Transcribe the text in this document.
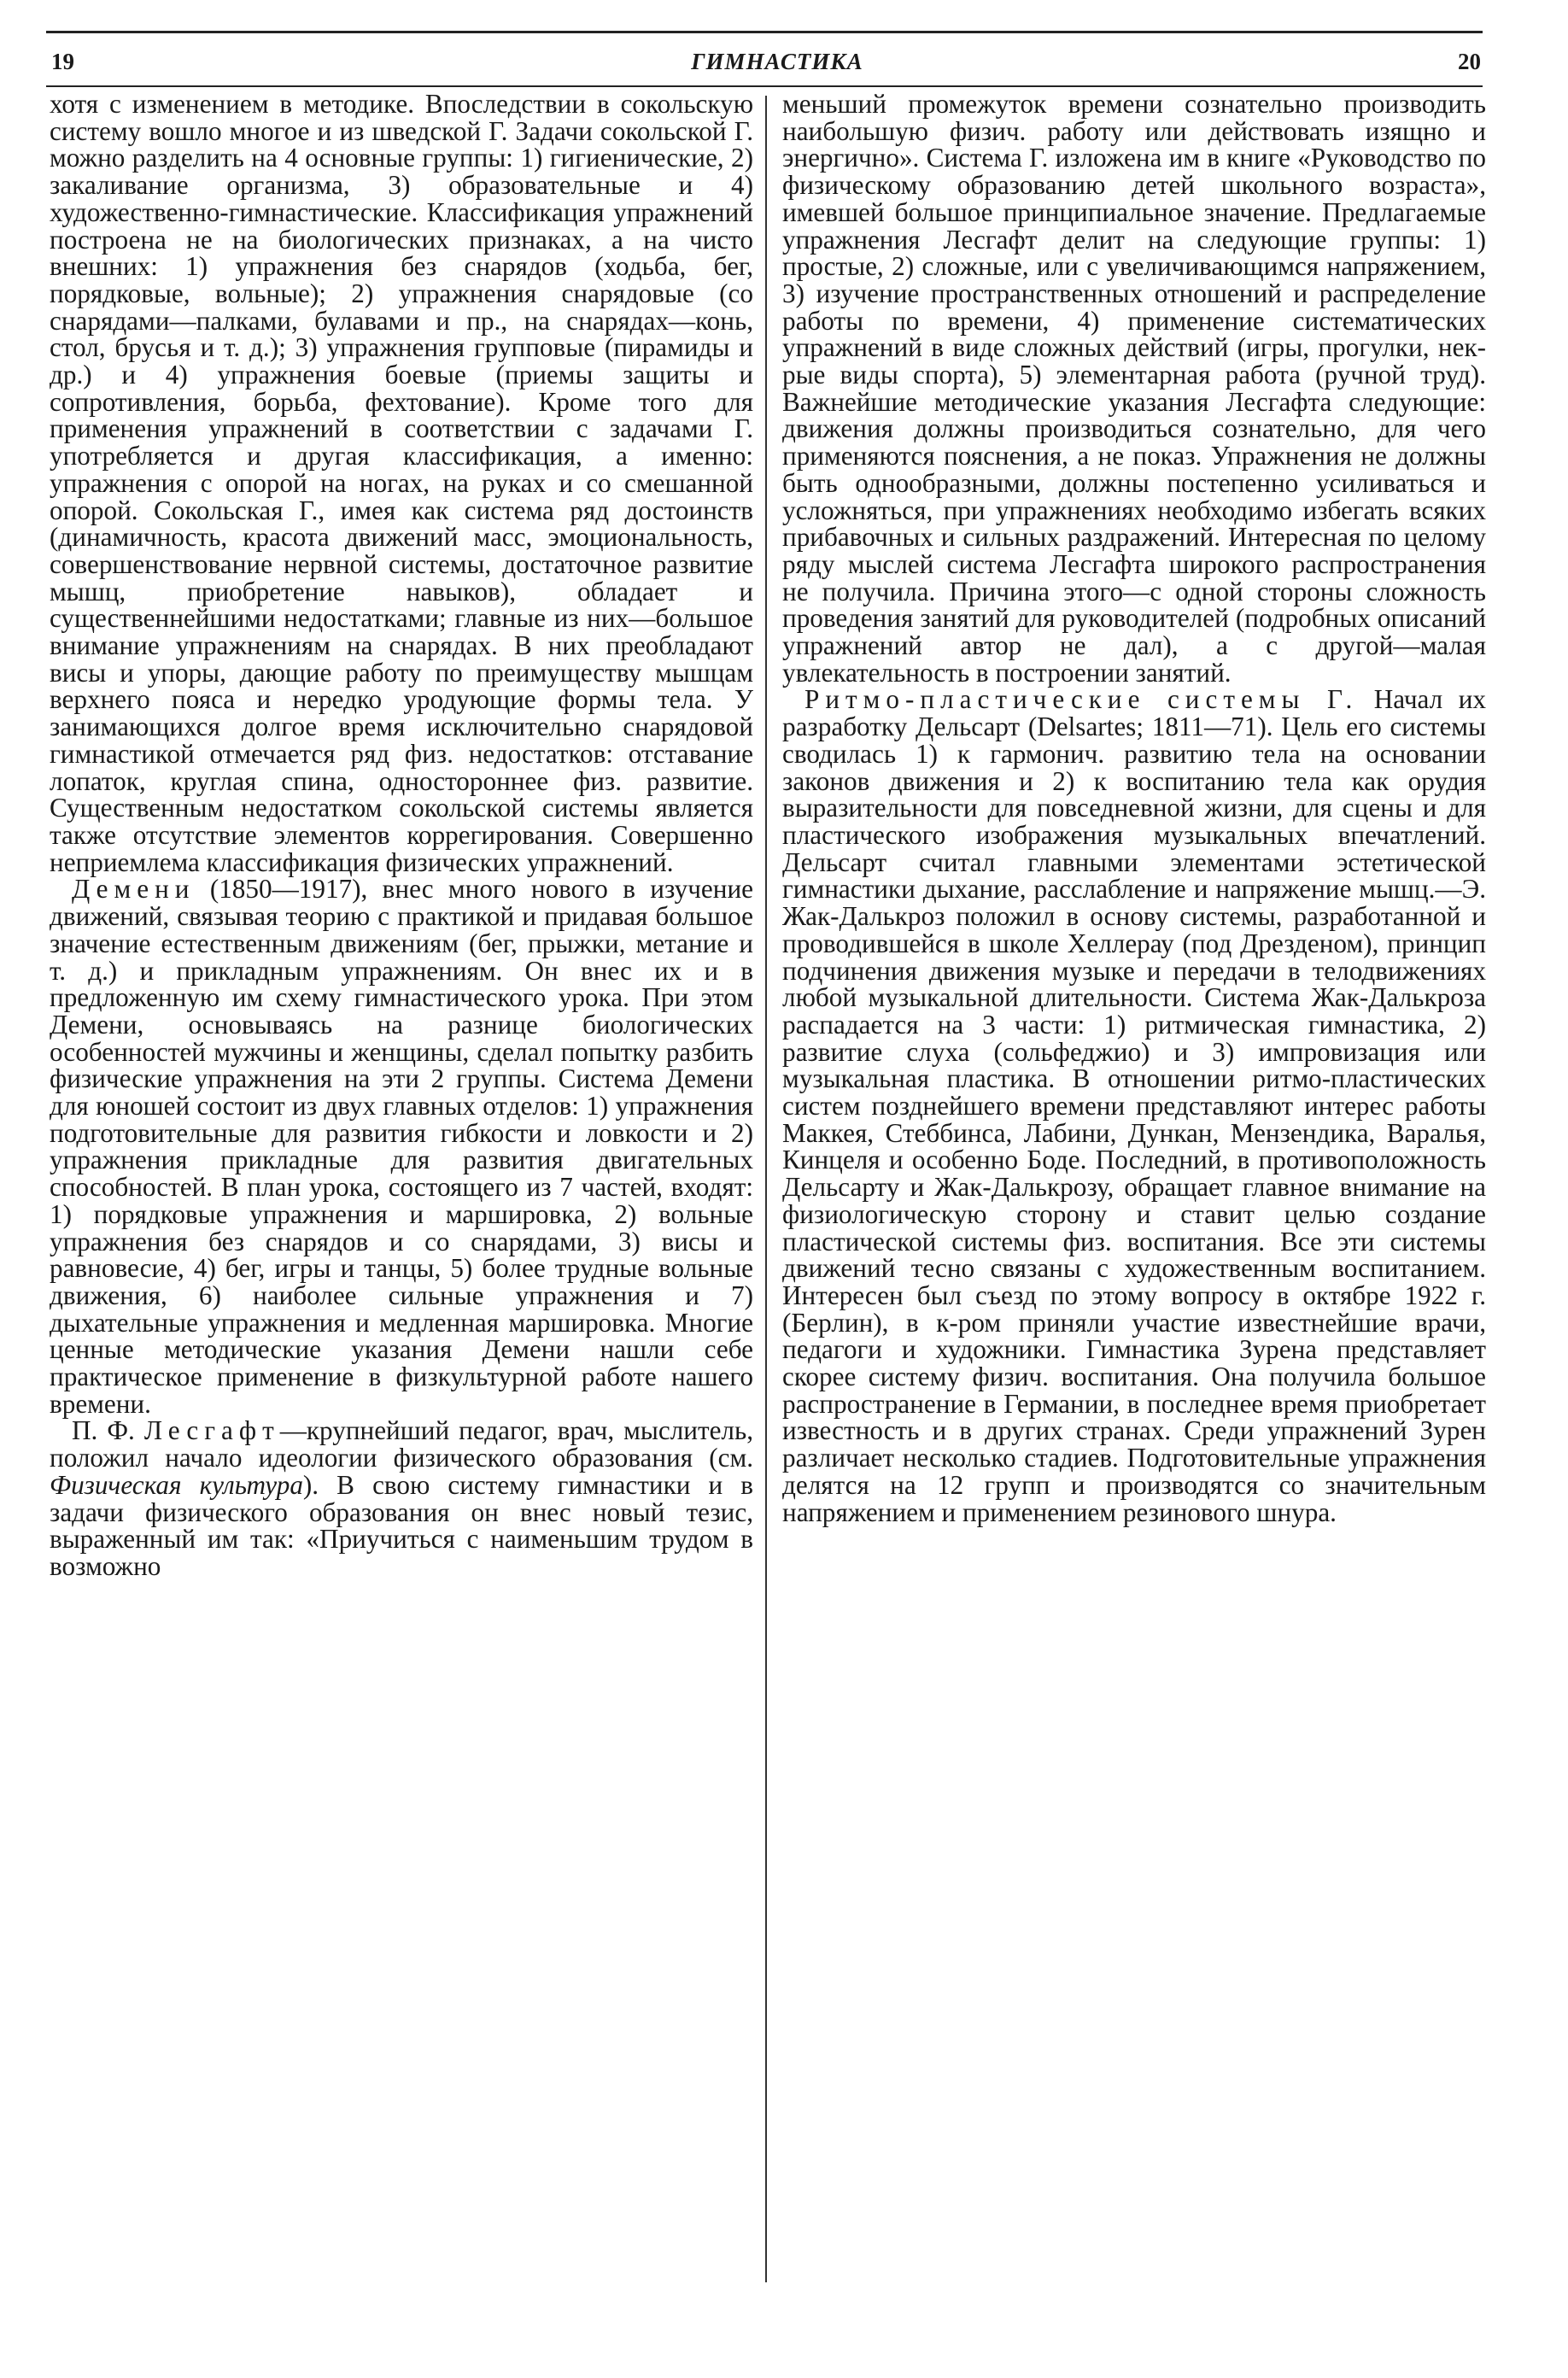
19	ГИМНАСТИКА	20

хотя с изменением в методике. Впоследствии в сокольскую систему вошло многое и из шведской Г. Задачи сокольской Г. можно разделить на 4 основные группы: 1) гигиенические, 2) закаливание организма, 3) образовательные и 4) художественно-гимнастические. Классификация упражнений построена не на биологических признаках, а на чисто внешних: 1) упражнения без снарядов (ходьба, бег, порядковые, вольные); 2) упражнения снарядовые (со снарядами—палками, булавами и пр., на снарядах—конь, стол, брусья и т. д.); 3) упражнения групповые (пирамиды и др.) и 4) упражнения боевые (приемы защиты и сопротивления, борьба, фехтование). Кроме того для применения упражнений в соответствии с задачами Г. употребляется и другая классификация, а именно: упражнения с опорой на ногах, на руках и со смешанной опорой. Сокольская Г., имея как система ряд достоинств (динамичность, красота движений масс, эмоциональность, совершенствование нервной системы, достаточное развитие мышц, приобретение навыков), обладает и существеннейшими недостатками; главные из них—большое внимание упражнениям на снарядах. В них преобладают висы и упоры, дающие работу по преимуществу мышцам верхнего пояса и нередко уродующие формы тела. У занимающихся долгое время исключительно снарядовой гимнастикой отмечается ряд физ. недостатков: отставание лопаток, круглая спина, одностороннее физ. развитие. Существенным недостатком сокольской системы является также отсутствие элементов коррегирования. Совершенно неприемлема классификация физических упражнений.

Демени (1850—1917), внес много нового в изучение движений, связывая теорию с практикой и придавая большое значение естественным движениям (бег, прыжки, метание и т. д.) и прикладным упражнениям. Он внес их и в предложенную им схему гимнастического урока. При этом Демени, основываясь на разнице биологических особенностей мужчины и женщины, сделал попытку разбить физические упражнения на эти 2 группы. Система Демени для юношей состоит из двух главных отделов: 1) упражнения подготовительные для развития гибкости и ловкости и 2) упражнения прикладные для развития двигательных способностей. В план урока, состоящего из 7 частей, входят: 1) порядковые упражнения и маршировка, 2) вольные упражнения без снарядов и со снарядами, 3) висы и равновесие, 4) бег, игры и танцы, 5) более трудные вольные движения, 6) наиболее сильные упражнения и 7) дыхательные упражнения и медленная маршировка. Многие ценные методические указания Демени нашли себе практическое применение в физкультурной работе нашего времени.

П. Ф. Лесгафт—крупнейший педагог, врач, мыслитель, положил начало идеологии физического образования (см. Физическая культура). В свою систему гимнастики и в задачи физического образования он внес новый тезис, выраженный им так: «Приучиться с наименьшим трудом в возможно

меньший промежуток времени сознательно производить наибольшую физич. работу или действовать изящно и энергично». Система Г. изложена им в книге «Руководство по физическому образованию детей школьного возраста», имевшей большое принципиальное значение. Предлагаемые упражнения Лесгафт делит на следующие группы: 1) простые, 2) сложные, или с увеличивающимся напряжением, 3) изучение пространственных отношений и распределение работы по времени, 4) применение систематических упражнений в виде сложных действий (игры, прогулки, нек-рые виды спорта), 5) элементарная работа (ручной труд). Важнейшие методические указания Лесгафта следующие: движения должны производиться сознательно, для чего применяются пояснения, а не показ. Упражнения не должны быть однообразными, должны постепенно усиливаться и усложняться, при упражнениях необходимо избегать всяких прибавочных и сильных раздражений. Интересная по целому ряду мыслей система Лесгафта широкого распространения не получила. Причина этого—с одной стороны сложность проведения занятий для руководителей (подробных описаний упражнений автор не дал), а с другой—малая увлекательность в построении занятий.

Ритмо-пластические системы Г. Начал их разработку Дельсарт (Delsartes; 1811—71). Цель его системы сводилась 1) к гармонич. развитию тела на основании законов движения и 2) к воспитанию тела как орудия выразительности для повседневной жизни, для сцены и для пластического изображения музыкальных впечатлений. Дельсарт считал главными элементами эстетической гимнастики дыхание, расслабление и напряжение мышц.—Э. Жак-Далькроз положил в основу системы, разработанной и проводившейся в школе Хеллерау (под Дрезденом), принцип подчинения движения музыке и передачи в телодвижениях любой музыкальной длительности. Система Жак-Далькроза распадается на 3 части: 1) ритмическая гимнастика, 2) развитие слуха (сольфеджио) и 3) импровизация или музыкальная пластика. В отношении ритмо-пластических систем позднейшего времени представляют интерес работы Маккея, Стеббинса, Лабини, Дункан, Мензендика, Варалья, Кинцеля и особенно Боде. Последний, в противоположность Дельсарту и Жак-Далькрозу, обращает главное внимание на физиологическую сторону и ставит целью создание пластической системы физ. воспитания. Все эти системы движений тесно связаны с художественным воспитанием. Интересен был съезд по этому вопросу в октябре 1922 г. (Берлин), в к-ром приняли участие известнейшие врачи, педагоги и художники. Гимнастика Зурена представляет скорее систему физич. воспитания. Она получила большое распространение в Германии, в последнее время приобретает известность и в других странах. Среди упражнений Зурен различает несколько стадиев. Подготовительные упражнения делятся на 12 групп и производятся со значительным напряжением и применением резинового шнура.
